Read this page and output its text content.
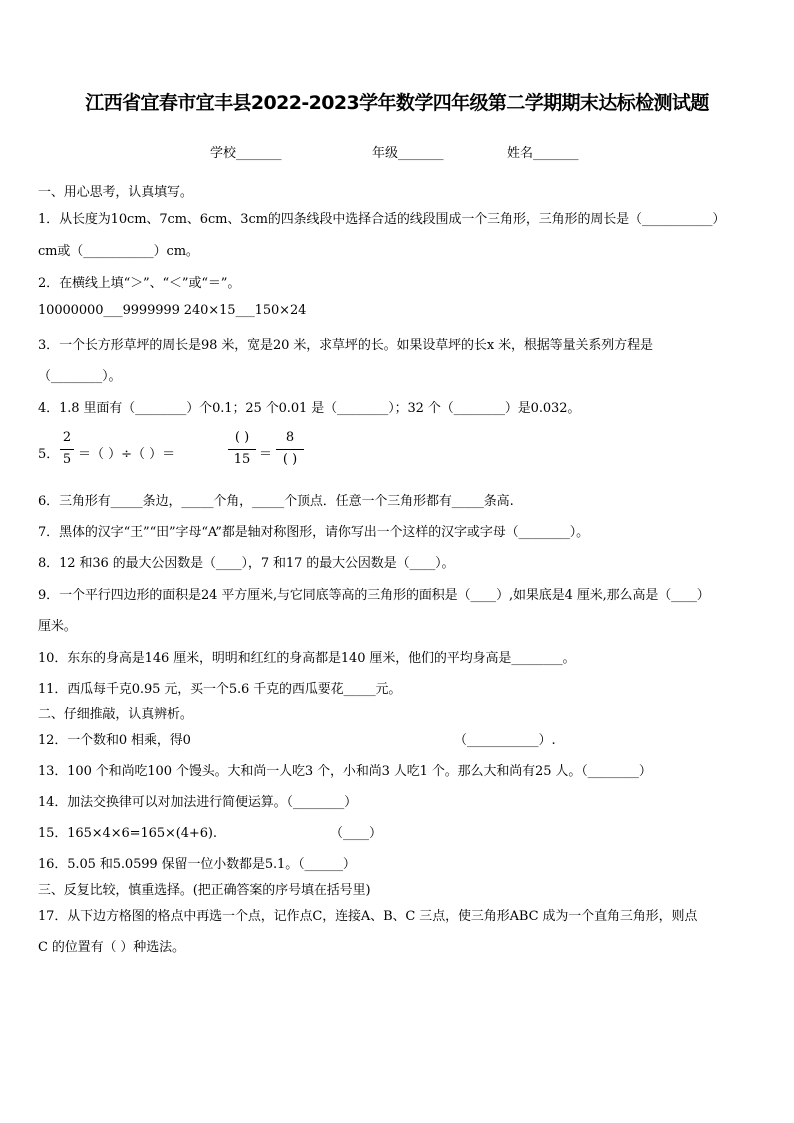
江西省宜春市宜丰县2022-2023学年数学四年级第二学期期末达标检测试题
学校_______	年级_______	姓名_______
一、用心思考，认真填写。
1．从长度为10cm、7cm、6cm、3cm的四条线段中选择合适的线段围成一个三角形，三角形的周长是（___________）
cm或（___________）cm。
2．在横线上填“＞”、“＜”或“＝”。
10000000___9999999 240×15___150×24
3．一个长方形草坪的周长是98 米，宽是20 米，求草坪的长。如果设草坪的长x 米，根据等量关系列方程是
（________）。
4．1.8 里面有（________）个0.1；25 个0.01 是（________）；32 个（________）是0.032。
5．
2
5 ＝（ ）÷（ ）＝
( )
15 ＝
8
( )
6．三角形有_____条边，_____个角，_____个顶点．任意一个三角形都有_____条高.
7．黑体的汉字“王”“田”字母“A”都是轴对称图形，请你写出一个这样的汉字或字母（________）。
8．12 和36 的最大公因数是（____），7 和17 的最大公因数是（____）。
9．一个平行四边形的面积是24 平方厘米,与它同底等高的三角形的面积是（____）,如果底是4 厘米,那么高是（____）
厘米。
10．东东的身高是146 厘米，明明和红红的身高都是140 厘米，他们的平均身高是________。
11．西瓜每千克0.95 元，买一个5.6 千克的西瓜要花_____元。
二、仔细推敲，认真辨析。
12．一个数和0 相乘，得0	（___________）.
13．100 个和尚吃100 个馒头。大和尚一人吃3 个，小和尚3 人吃1 个。那么大和尚有25 人。（________）
14．加法交换律可以对加法进行简便运算。（________）
15．165×4×6=165×(4+6).	（____）
16．5.05 和5.0599 保留一位小数都是5.1。（______）
三、反复比较，慎重选择。(把正确答案的序号填在括号里)
17．从下边方格图的格点中再选一个点，记作点C，连接A、B、C 三点，使三角形ABC 成为一个直角三角形，则点
C 的位置有（ ）种选法。
